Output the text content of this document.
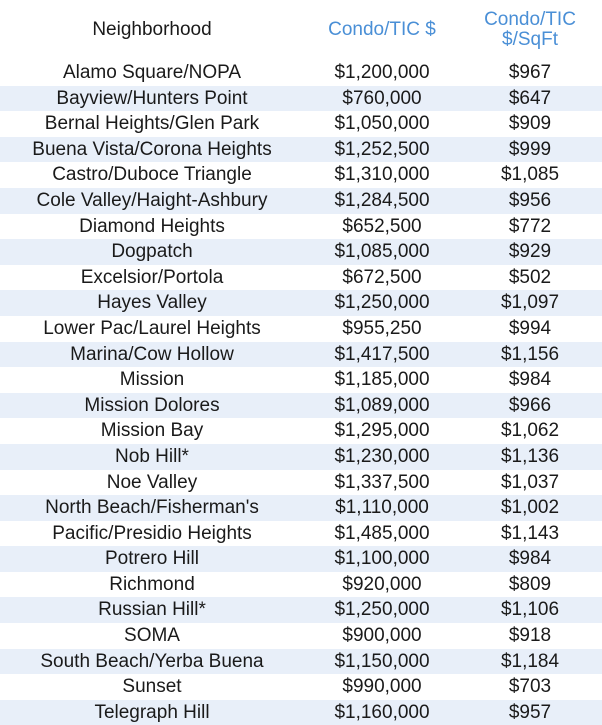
Neighborhood	Condo/TIC $	Condo/TIC
$/SqFt
Alamo Square/NOPA	$1,200,000	$967
Bayview/Hunters Point	$760,000	$647
Bernal Heights/Glen Park	$1,050,000	$909
Buena Vista/Corona Heights	$1,252,500	$999
Castro/Duboce Triangle	$1,310,000	$1,085
Cole Valley/Haight-Ashbury	$1,284,500	$956
Diamond Heights	$652,500	$772
Dogpatch	$1,085,000	$929
Excelsior/Portola	$672,500	$502
Hayes Valley	$1,250,000	$1,097
Lower Pac/Laurel Heights	$955,250	$994
Marina/Cow Hollow	$1,417,500	$1,156
Mission	$1,185,000	$984
Mission Dolores	$1,089,000	$966
Mission Bay	$1,295,000	$1,062
Nob Hill*	$1,230,000	$1,136
Noe Valley	$1,337,500	$1,037
North Beach/Fisherman's	$1,110,000	$1,002
Pacific/Presidio Heights	$1,485,000	$1,143
Potrero Hill	$1,100,000	$984
Richmond	$920,000	$809
Russian Hill*	$1,250,000	$1,106
SOMA	$900,000	$918
South Beach/Yerba Buena	$1,150,000	$1,184
Sunset	$990,000	$703
Telegraph Hill	$1,160,000	$957
